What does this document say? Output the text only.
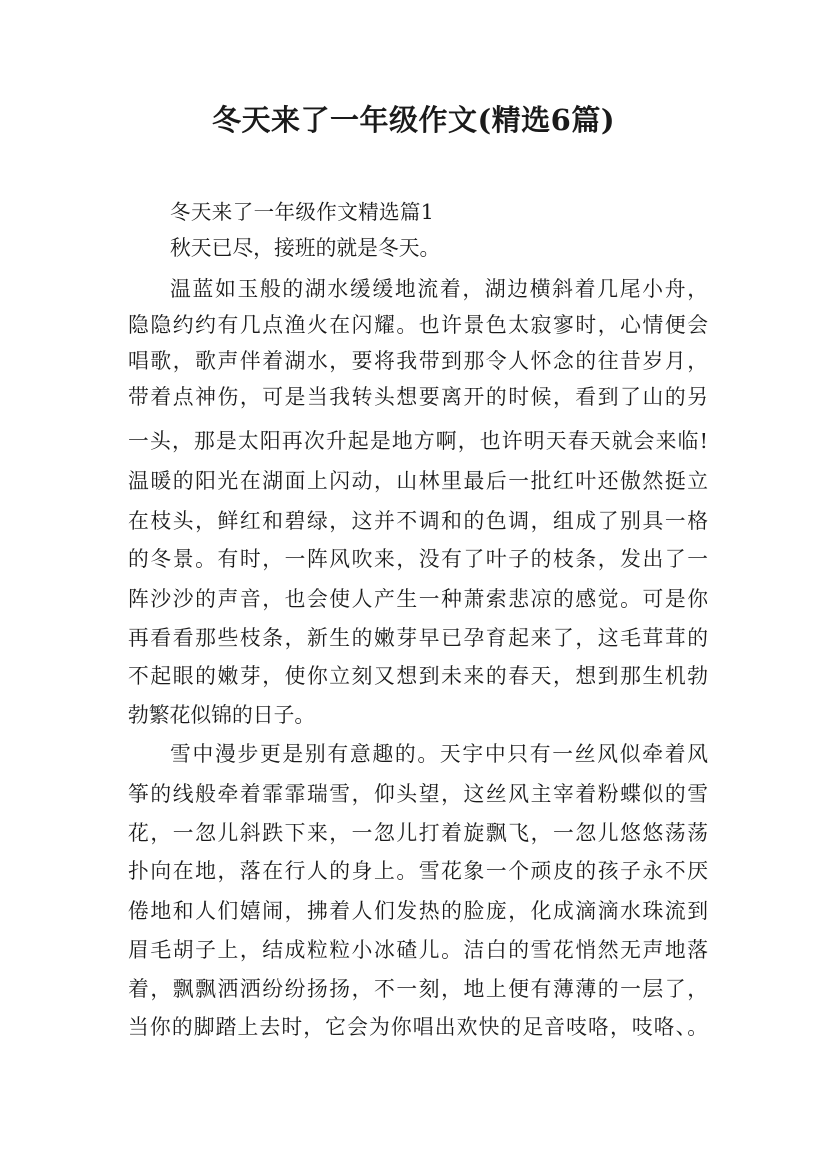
冬天来了一年级作文(精选6篇)
冬天来了一年级作文精选篇1
秋天已尽，接班的就是冬天。
温蓝如玉般的湖水缓缓地流着，湖边横斜着几尾小舟，
隐隐约约有几点渔火在闪耀。也许景色太寂寥时，心情便会
唱歌，歌声伴着湖水，要将我带到那令人怀念的往昔岁月，
带着点神伤，可是当我转头想要离开的时候，看到了山的另
一头，那是太阳再次升起是地方啊，也许明天春天就会来临!
温暖的阳光在湖面上闪动，山林里最后一批红叶还傲然挺立
在枝头，鲜红和碧绿，这并不调和的色调，组成了别具一格
的冬景。有时，一阵风吹来，没有了叶子的枝条，发出了一
阵沙沙的声音，也会使人产生一种萧索悲凉的感觉。可是你
再看看那些枝条，新生的嫩芽早已孕育起来了，这毛茸茸的
不起眼的嫩芽，使你立刻又想到未来的春天，想到那生机勃
勃繁花似锦的日子。
雪中漫步更是别有意趣的。天宇中只有一丝风似牵着风
筝的线般牵着霏霏瑞雪，仰头望，这丝风主宰着粉蝶似的雪
花，一忽儿斜跌下来，一忽儿打着旋飘飞，一忽儿悠悠荡荡
扑向在地，落在行人的身上。雪花象一个顽皮的孩子永不厌
倦地和人们嬉闹，拂着人们发热的脸庞，化成滴滴水珠流到
眉毛胡子上，结成粒粒小冰碴儿。洁白的雪花悄然无声地落
着，飘飘洒洒纷纷扬扬，不一刻，地上便有薄薄的一层了，
当你的脚踏上去时，它会为你唱出欢快的足音吱咯，吱咯、。
